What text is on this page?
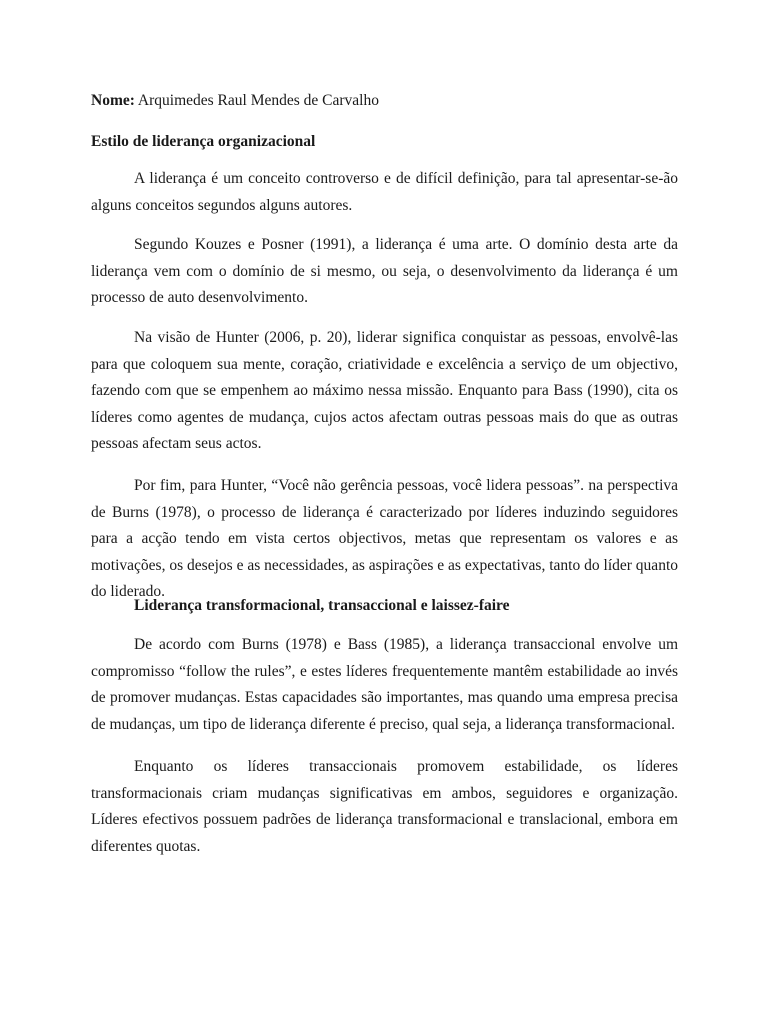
Nome: Arquimedes Raul Mendes de Carvalho
Estilo de liderança organizacional

A liderança é um conceito controverso e de difícil definição, para tal apresentar-se-ão alguns conceitos segundos alguns autores.

Segundo Kouzes e Posner (1991), a liderança é uma arte. O domínio desta arte da liderança vem com o domínio de si mesmo, ou seja, o desenvolvimento da liderança é um processo de auto desenvolvimento.

Na visão de Hunter (2006, p. 20), liderar significa conquistar as pessoas, envolvê-las para que coloquem sua mente, coração, criatividade e excelência a serviço de um objectivo, fazendo com que se empenhem ao máximo nessa missão. Enquanto para Bass (1990), cita os líderes como agentes de mudança, cujos actos afectam outras pessoas mais do que as outras pessoas afectam seus actos.

Por fim, para Hunter, “Você não gerência pessoas, você lidera pessoas”. na perspectiva de Burns (1978), o processo de liderança é caracterizado por líderes induzindo seguidores para a acção tendo em vista certos objectivos, metas que representam os valores e as motivações, os desejos e as necessidades, as aspirações e as expectativas, tanto do líder quanto do liderado.

Liderança transformacional, transaccional e laissez-faire

De acordo com Burns (1978) e Bass (1985), a liderança transaccional envolve um compromisso “follow the rules”, e estes líderes frequentemente mantêm estabilidade ao invés de promover mudanças. Estas capacidades são importantes, mas quando uma empresa precisa de mudanças, um tipo de liderança diferente é preciso, qual seja, a liderança transformacional.

Enquanto os líderes transaccionais promovem estabilidade, os líderes transformacionais criam mudanças significativas em ambos, seguidores e organização. Líderes efectivos possuem padrões de liderança transformacional e translacional, embora em diferentes quotas.
